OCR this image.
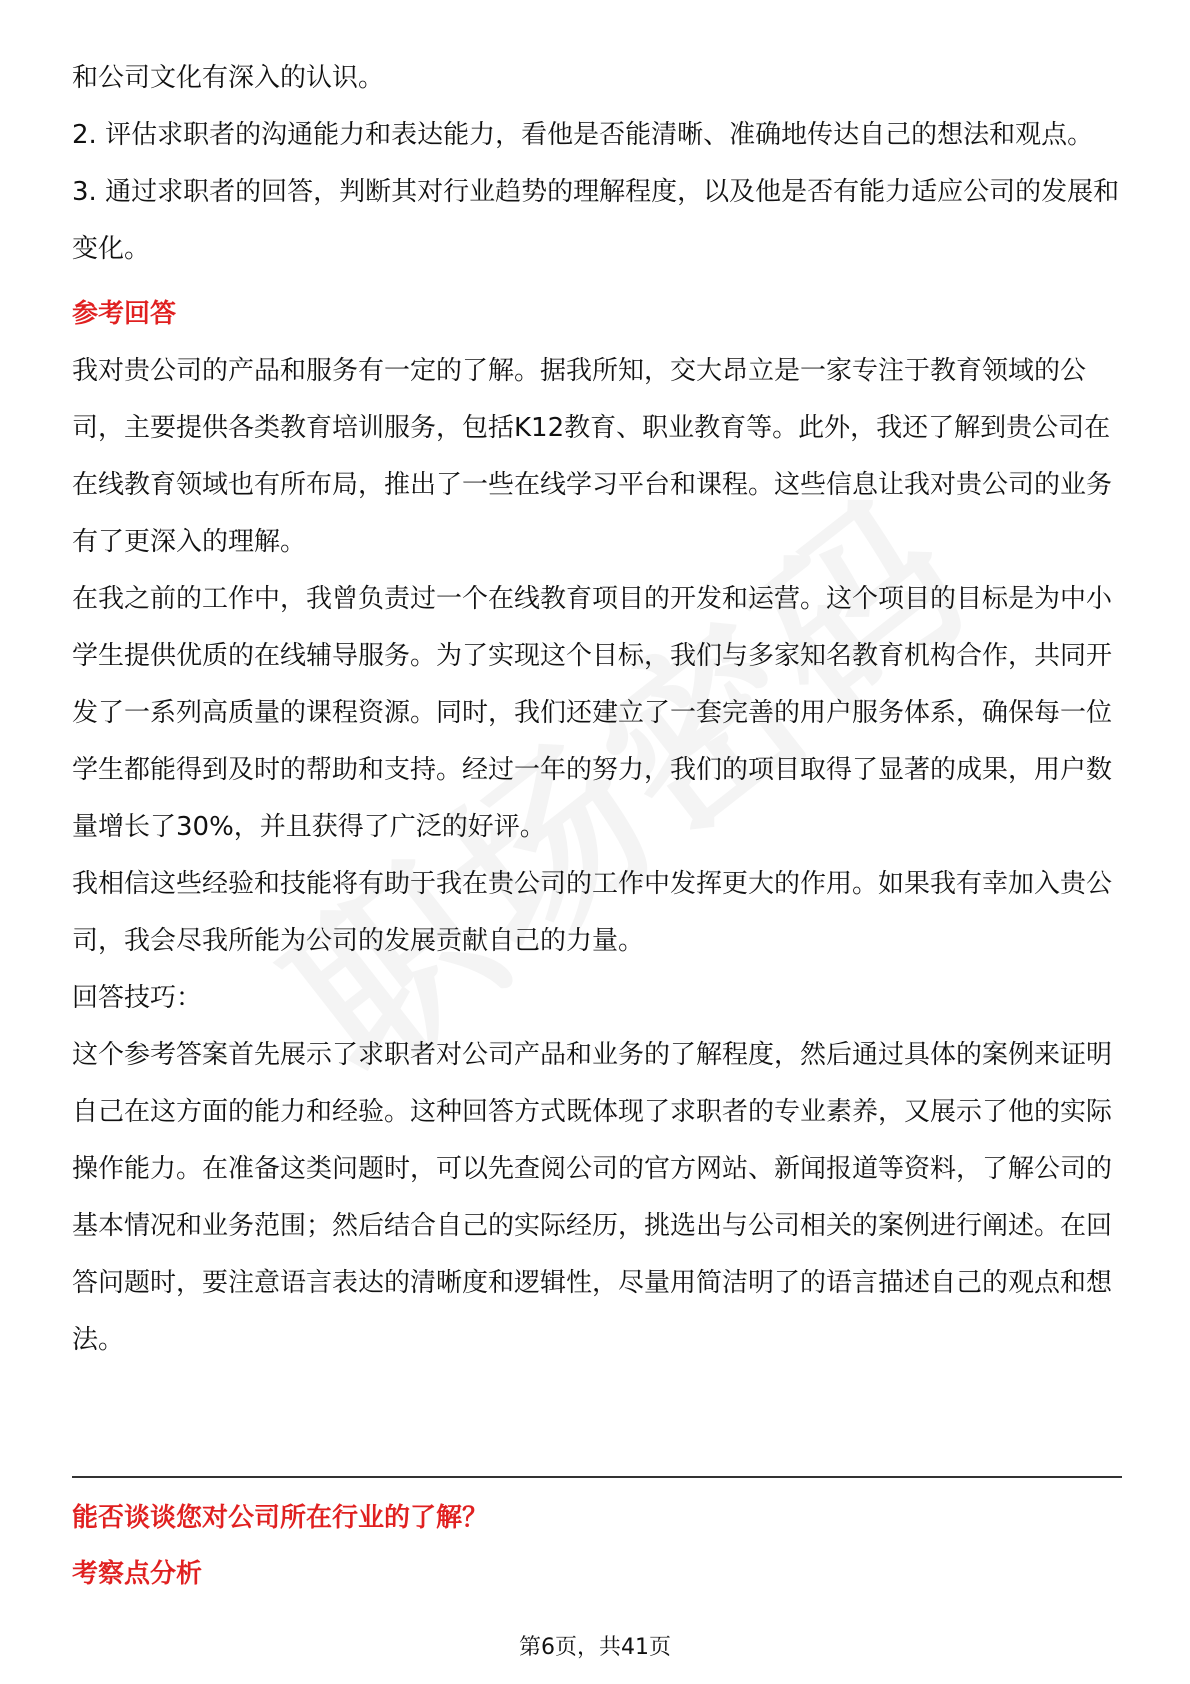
和公司文化有深入的认识。

2. 评估求职者的沟通能力和表达能力，看他是否能清晰、准确地传达自己的想法和观点。

3. 通过求职者的回答，判断其对行业趋势的理解程度，以及他是否有能力适应公司的发展和变化。

参考回答

我对贵公司的产品和服务有一定的了解。据我所知，交大昂立是一家专注于教育领域的公司，主要提供各类教育培训服务，包括K12教育、职业教育等。此外，我还了解到贵公司在在线教育领域也有所布局，推出了一些在线学习平台和课程。这些信息让我对贵公司的业务有了更深入的理解。

在我之前的工作中，我曾负责过一个在线教育项目的开发和运营。这个项目的目标是为中小学生提供优质的在线辅导服务。为了实现这个目标，我们与多家知名教育机构合作，共同开发了一系列高质量的课程资源。同时，我们还建立了一套完善的用户服务体系，确保每一位学生都能得到及时的帮助和支持。经过一年的努力，我们的项目取得了显著的成果，用户数量增长了30%，并且获得了广泛的好评。

我相信这些经验和技能将有助于我在贵公司的工作中发挥更大的作用。如果我有幸加入贵公司，我会尽我所能为公司的发展贡献自己的力量。

回答技巧：

这个参考答案首先展示了求职者对公司产品和业务的了解程度，然后通过具体的案例来证明自己在这方面的能力和经验。这种回答方式既体现了求职者的专业素养，又展示了他的实际操作能力。在准备这类问题时，可以先查阅公司的官方网站、新闻报道等资料，了解公司的基本情况和业务范围；然后结合自己的实际经历，挑选出与公司相关的案例进行阐述。在回答问题时，要注意语言表达的清晰度和逻辑性，尽量用简洁明了的语言描述自己的观点和想法。

能否谈谈您对公司所在行业的了解？
考察点分析
第6页，共41页
